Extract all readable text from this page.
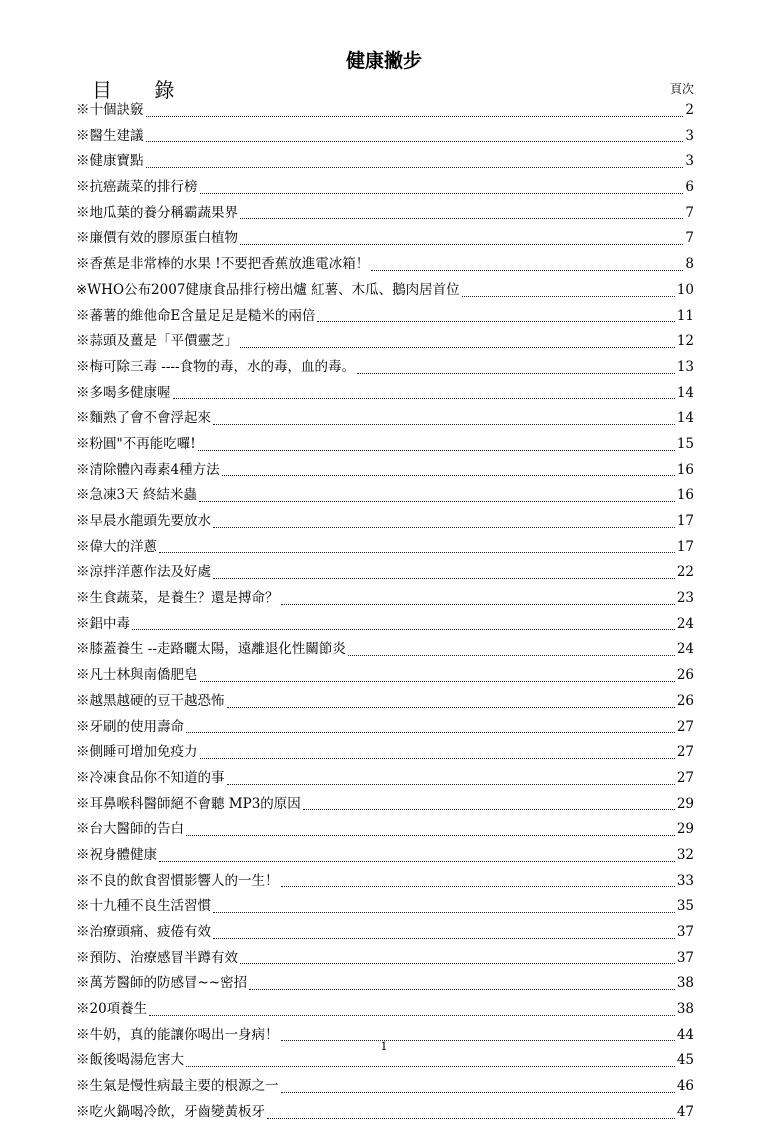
健康撇步
目 錄	頁次
※十個訣竅	2
※醫生建議	3
※健康寶點	3
※抗癌蔬菜的排行榜	6
※地瓜葉的養分稱霸蔬果界	7
※廉價有效的膠原蛋白植物	7
※香蕉是非常棒的水果 !不要把香蕉放進電冰箱！	8
※WHO公布2007健康食品排行榜出爐 紅薯、木瓜、鵝肉居首位	10
※蕃薯的維他命E含量足足是糙米的兩倍	11
※蒜頭及薑是「平價靈芝」	12
※梅可除三毒 ----食物的毒，水的毒，血的毒。	13
※多喝多健康喔	14
※麵熟了會不會浮起來	14
※粉圓"不再能吃囉!	15
※清除體內毒素4種方法	16
※急凍3天 終結米蟲	16
※早晨水龍頭先要放水	17
※偉大的洋蔥	17
※涼拌洋蔥作法及好處	22
※生食蔬菜，是養生？還是搏命？	23
※鋁中毒	24
※膝蓋養生 --走路曬太陽，遠離退化性關節炎	24
※凡士林與南僑肥皂	26
※越黑越硬的豆干越恐怖	26
※牙刷的使用壽命	27
※側睡可增加免疫力	27
※冷凍食品你不知道的事	27
※耳鼻喉科醫師絕不會聽 MP3的原因	29
※台大醫師的告白	29
※祝身體健康	32
※不良的飲食習慣影響人的一生！	33
※十九種不良生活習慣	35
※治療頭痛、疲倦有效	37
※預防、治療感冒半蹲有效	37
※萬芳醫師的防感冒~~密招	38
※20項養生	38
※牛奶，真的能讓你喝出一身病！	44
※飯後喝湯危害大	45
※生氣是慢性病最主要的根源之一	46
※吃火鍋喝冷飲，牙齒變黃板牙	47
1
